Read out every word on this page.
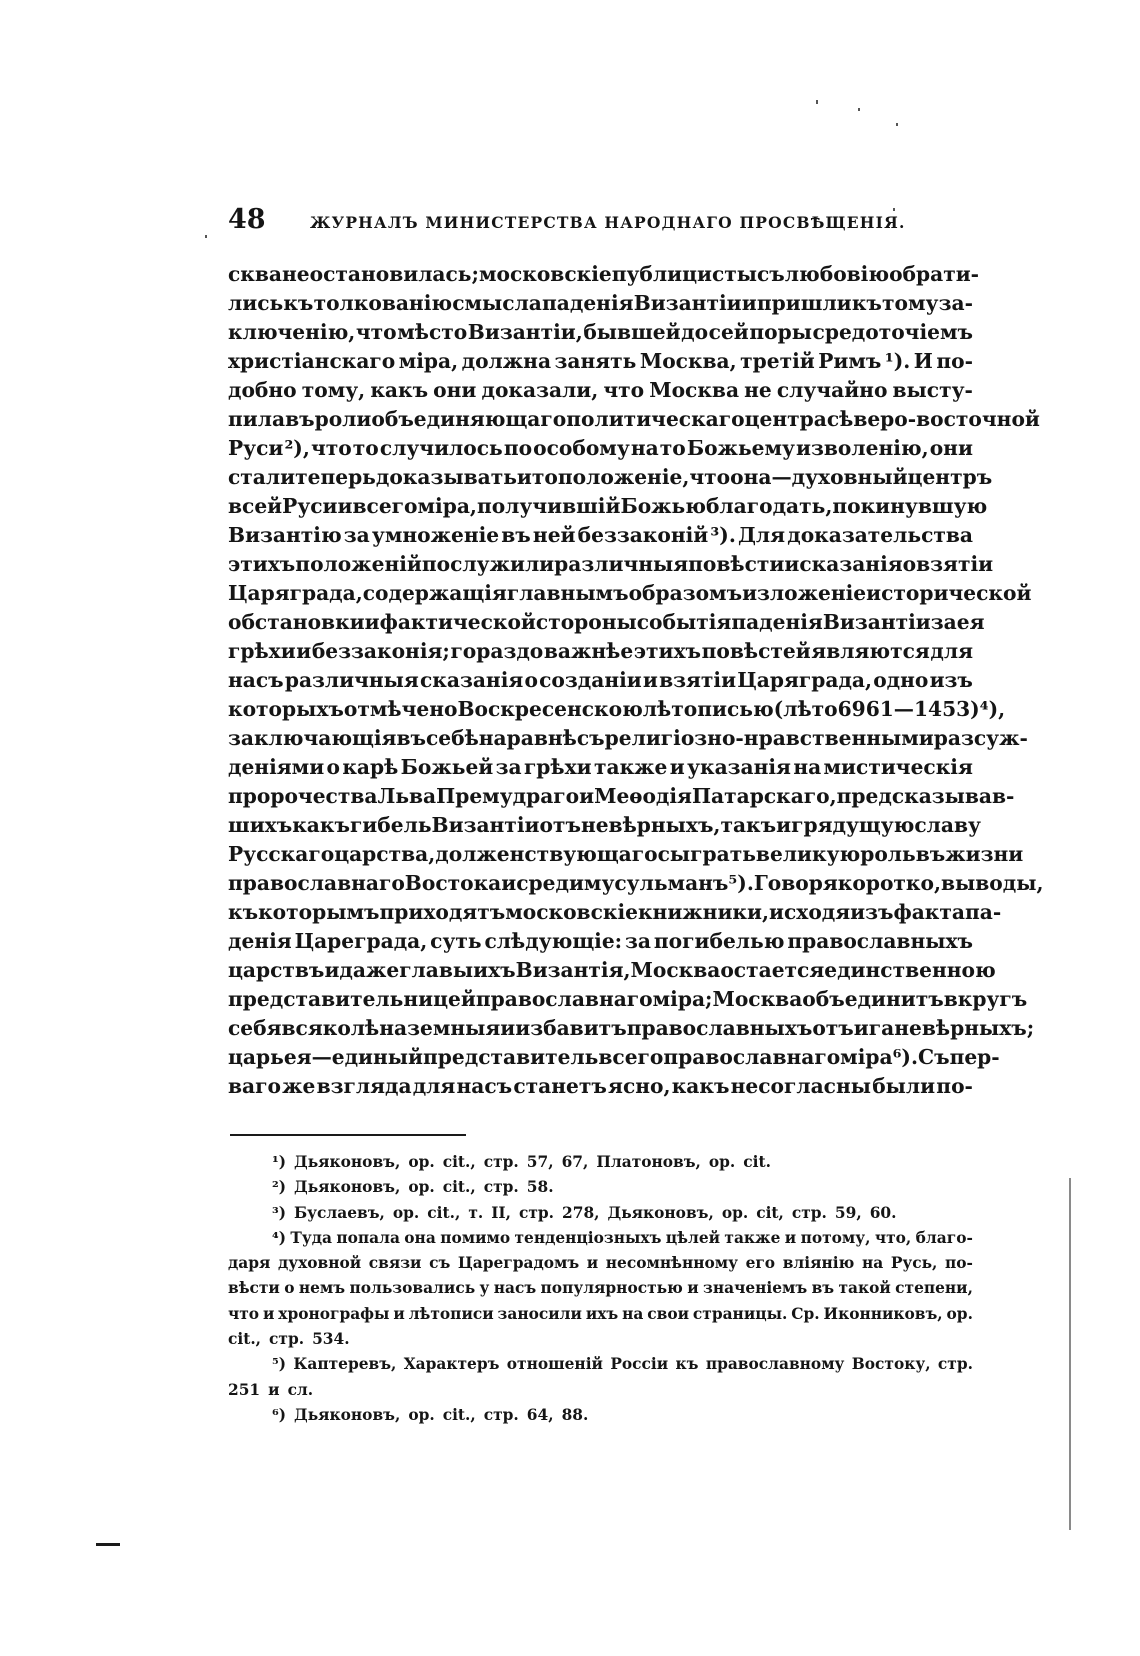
48	ЖУРНАЛЪ МИНИСТЕРСТВА НАРОДНАГО ПРОСВѢЩЕНІЯ.
сква не остановилась; московскіе публицисты съ любовію обрати-
лись къ толкованію смысла паденія Византіи и пришли къ тому за-
ключенію, что мѣсто Византіи, бывшей до сей поры средоточіемъ
христіанскаго міра, должна занять Москва, третій Римъ ¹). И по-
добно тому, какъ они доказали, что Москва не случайно высту-
пила въ роли объединяющаго политическаго центра сѣверо-восточной
Руси ²), что то случилось по особому на то Божьему изволенію, они
стали теперь доказывать и то положеніе, что она—духовный центръ
всей Руси и всего міра, получившій Божью благодать, покинувшую
Византію за умноженіе въ ней беззаконій ³). Для доказательства
этихъ положеній послужили различныя повѣсти и сказанія о взятіи
Царяграда, содержащія главнымъ образомъ изложеніе исторической
обстановки и фактической стороны событія паденія Византіи за ея
грѣхи и беззаконія; гораздо важнѣе этихъ повѣстей являются для
насъ различныя сказанія о созданіи и взятіи Царяграда, одно изъ
которыхъ отмѣчено Воскресенскою лѣтописью (лѣто 6961—1453) ⁴),
заключающія въ себѣ наравнѣ съ религіозно-нравственными разсуж-
деніями о карѣ Божьей за грѣхи также и указанія на мистическія
пророчества Льва Премудраго и Меѳодія Патарскаго, предсказывав-
шихъ какъ гибель Византіи отъ невѣрныхъ, такъ и грядущую славу
Русскаго царства, долженствующаго сыграть великую роль въ жизни
православнаго Востока и среди мусульманъ ⁵). Говоря коротко, выводы,
къ которымъ приходятъ московскіе книжники, исходя изъ факта па-
денія Цареграда, суть слѣдующіе: за погибелью православныхъ
царствъ и даже главы ихъ Византія, Москва остается единственною
представительницей православнаго міра; Москва объединитъ вкругъ
себя вся колѣна земныя и избавитъ православныхъ отъ ига невѣрныхъ;
царь ея—единый представитель всего православнаго міра ⁶). Съ пер-
ваго же взгляда для насъ станетъ ясно, какъ несогласны были по-
¹) Дьяконовъ, op. cit., стр. 57, 67, Платоновъ, op. cit.
²) Дьяконовъ, op. cit., стр. 58.
³) Буслаевъ, op. cit., т. II, стр. 278, Дьяконовъ, op. cit, стр. 59, 60.
⁴) Туда попала она помимо тенденціозныхъ цѣлей также и потому, что, благо-
даря духовной связи съ Цареградомъ и несомнѣнному его вліянію на Русь, по-
вѣсти о немъ пользовались у насъ популярностью и значеніемъ въ такой степени,
что и хронографы и лѣтописи заносили ихъ на свои страницы. Ср. Иконниковъ, op.
cit., стр. 534.
⁵) Каптеревъ, Характеръ отношеній Россіи къ православному Востоку, стр.
251 и сл.
⁶) Дьяконовъ, op. cit., стр. 64, 88.
